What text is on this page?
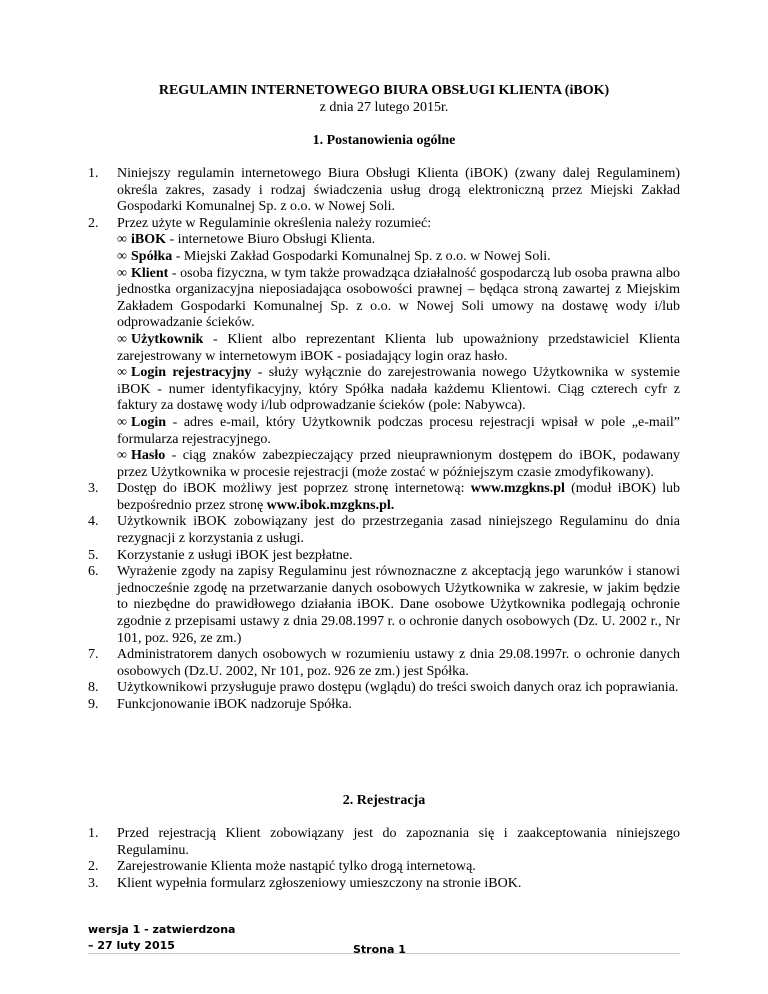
REGULAMIN INTERNETOWEGO BIURA OBSŁUGI KLIENTA (iBOK)
z dnia 27 lutego 2015r.
1. Postanowienia ogólne
1. Niniejszy regulamin internetowego Biura Obsługi Klienta (iBOK) (zwany dalej Regulaminem) określa zakres, zasady i rodzaj świadczenia usług drogą elektroniczną przez Miejski Zakład Gospodarki Komunalnej Sp. z o.o. w Nowej Soli.
2. Przez użyte w Regulaminie określenia należy rozumieć:
∞ iBOK - internetowe Biuro Obsługi Klienta.
∞ Spółka - Miejski Zakład Gospodarki Komunalnej Sp. z o.o. w Nowej Soli.
∞ Klient - osoba fizyczna, w tym także prowadząca działalność gospodarczą lub osoba prawna albo jednostka organizacyjna nieposiadająca osobowości prawnej – będąca stroną zawartej z Miejskim Zakładem Gospodarki Komunalnej Sp. z o.o. w Nowej Soli umowy na dostawę wody i/lub odprowadzanie ścieków.
∞ Użytkownik - Klient albo reprezentant Klienta lub upoważniony przedstawiciel Klienta zarejestrowany w internetowym iBOK - posiadający login oraz hasło.
∞ Login rejestracyjny - służy wyłącznie do zarejestrowania nowego Użytkownika w systemie iBOK - numer identyfikacyjny, który Spółka nadała każdemu Klientowi. Ciąg czterech cyfr z faktury za dostawę wody i/lub odprowadzanie ścieków (pole: Nabywca).
∞ Login - adres e-mail, który Użytkownik podczas procesu rejestracji wpisał w pole „e-mail” formularza rejestracyjnego.
∞ Hasło - ciąg znaków zabezpieczający przed nieuprawnionym dostępem do iBOK, podawany przez Użytkownika w procesie rejestracji (może zostać w późniejszym czasie zmodyfikowany).
3. Dostęp do iBOK możliwy jest poprzez stronę internetową: www.mzgkns.pl (moduł iBOK) lub bezpośrednio przez stronę www.ibok.mzgkns.pl.
4. Użytkownik iBOK zobowiązany jest do przestrzegania zasad niniejszego Regulaminu do dnia rezygnacji z korzystania z usługi.
5. Korzystanie z usługi iBOK jest bezpłatne.
6. Wyrażenie zgody na zapisy Regulaminu jest równoznaczne z akceptacją jego warunków i stanowi jednocześnie zgodę na przetwarzanie danych osobowych Użytkownika w zakresie, w jakim będzie to niezbędne do prawidłowego działania iBOK. Dane osobowe Użytkownika podlegają ochronie zgodnie z przepisami ustawy z dnia 29.08.1997 r. o ochronie danych osobowych (Dz. U. 2002 r., Nr 101, poz. 926, ze zm.)
7. Administratorem danych osobowych w rozumieniu ustawy z dnia 29.08.1997r. o ochronie danych osobowych (Dz.U. 2002, Nr 101, poz. 926 ze zm.) jest Spółka.
8. Użytkownikowi przysługuje prawo dostępu (wglądu) do treści swoich danych oraz ich poprawiania.
9. Funkcjonowanie iBOK nadzoruje Spółka.
2. Rejestracja
1. Przed rejestracją Klient zobowiązany jest do zapoznania się i zaakceptowania niniejszego Regulaminu.
2. Zarejestrowanie Klienta może nastąpić tylko drogą internetową.
3. Klient wypełnia formularz zgłoszeniowy umieszczony na stronie iBOK.
wersja 1 - zatwierdzona
– 27 luty 2015	Strona 1
